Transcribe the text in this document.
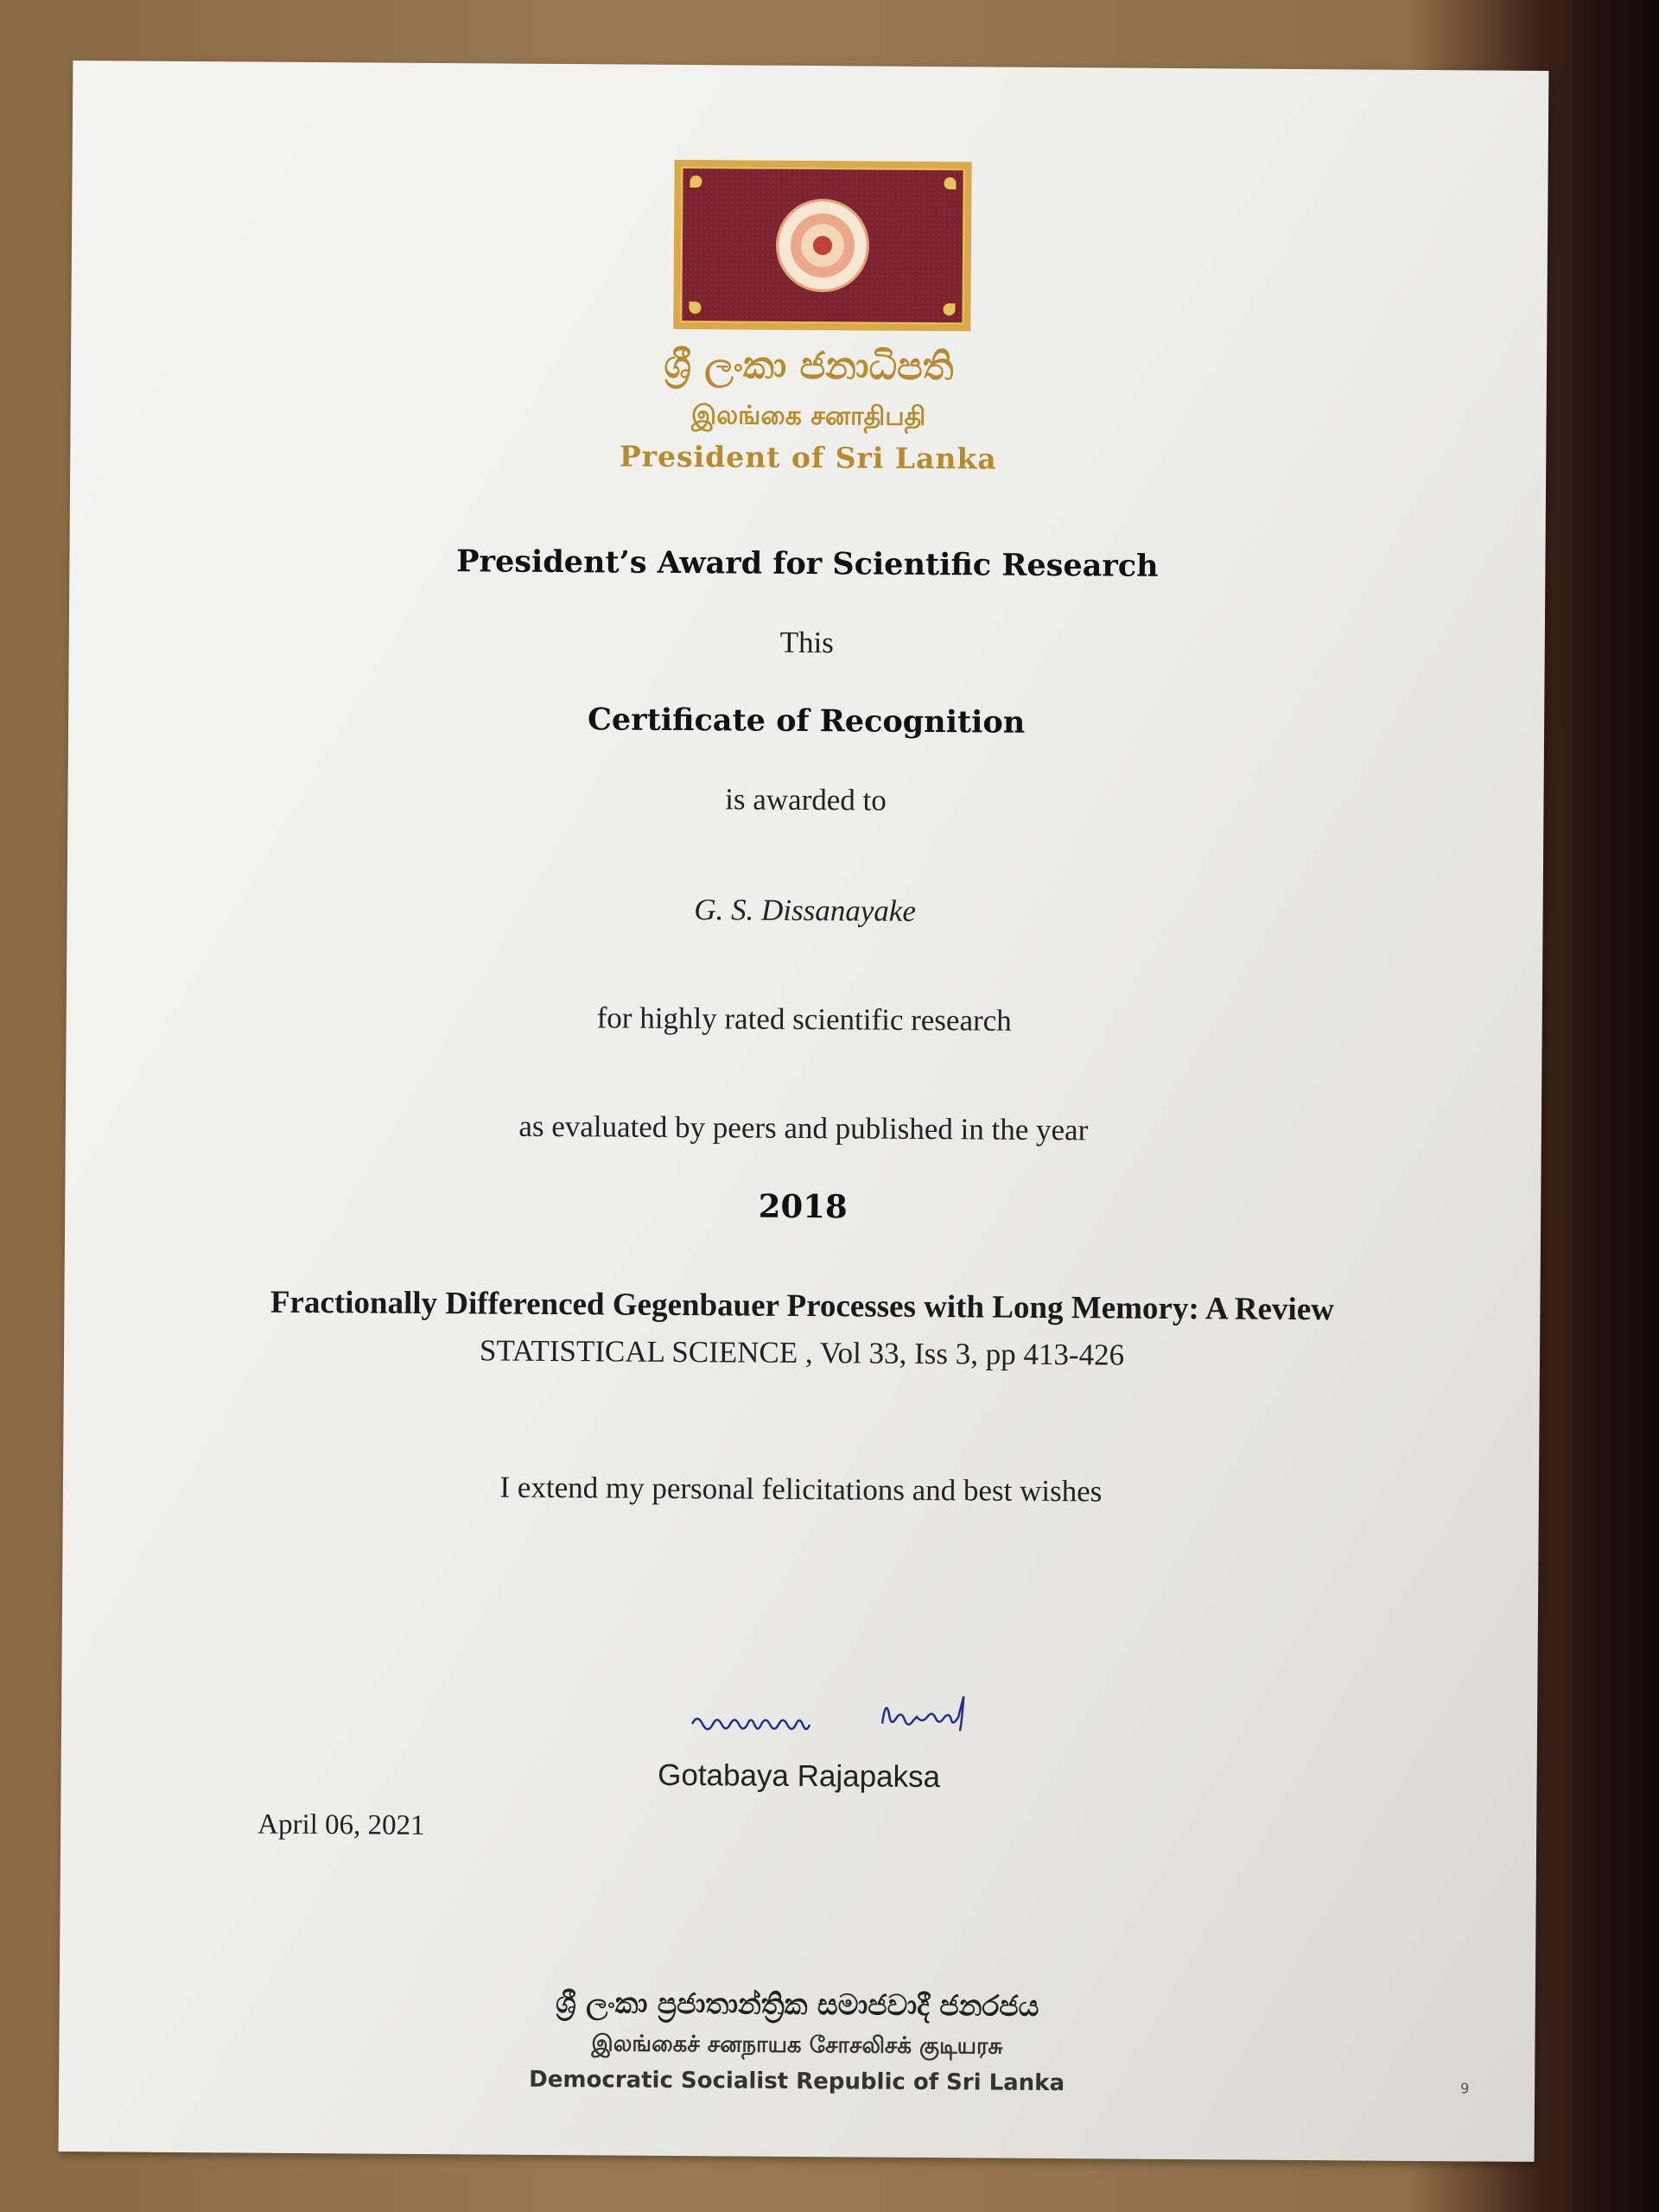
ශ්‍රී ලංකා ජනාධිපති
இலங்கை சனாதிபதி
President of Sri Lanka
President’s Award for Scientific Research
This
Certificate of Recognition
is awarded to
G. S. Dissanayake
for highly rated scientific research
as evaluated by peers and published in the year
2018
Fractionally Differenced Gegenbauer Processes with Long Memory: A Review
STATISTICAL SCIENCE , Vol 33, Iss 3, pp 413-426
I extend my personal felicitations and best wishes
Gotabaya Rajapaksa
April 06, 2021
ශ්‍රී ලංකා ප්‍රජාතාන්ත්‍රික සමාජවාදී ජනරජය
இலங்கைச் சனநாயக சோசலிசக் குடியரசு
Democratic Socialist Republic of Sri Lanka	9
